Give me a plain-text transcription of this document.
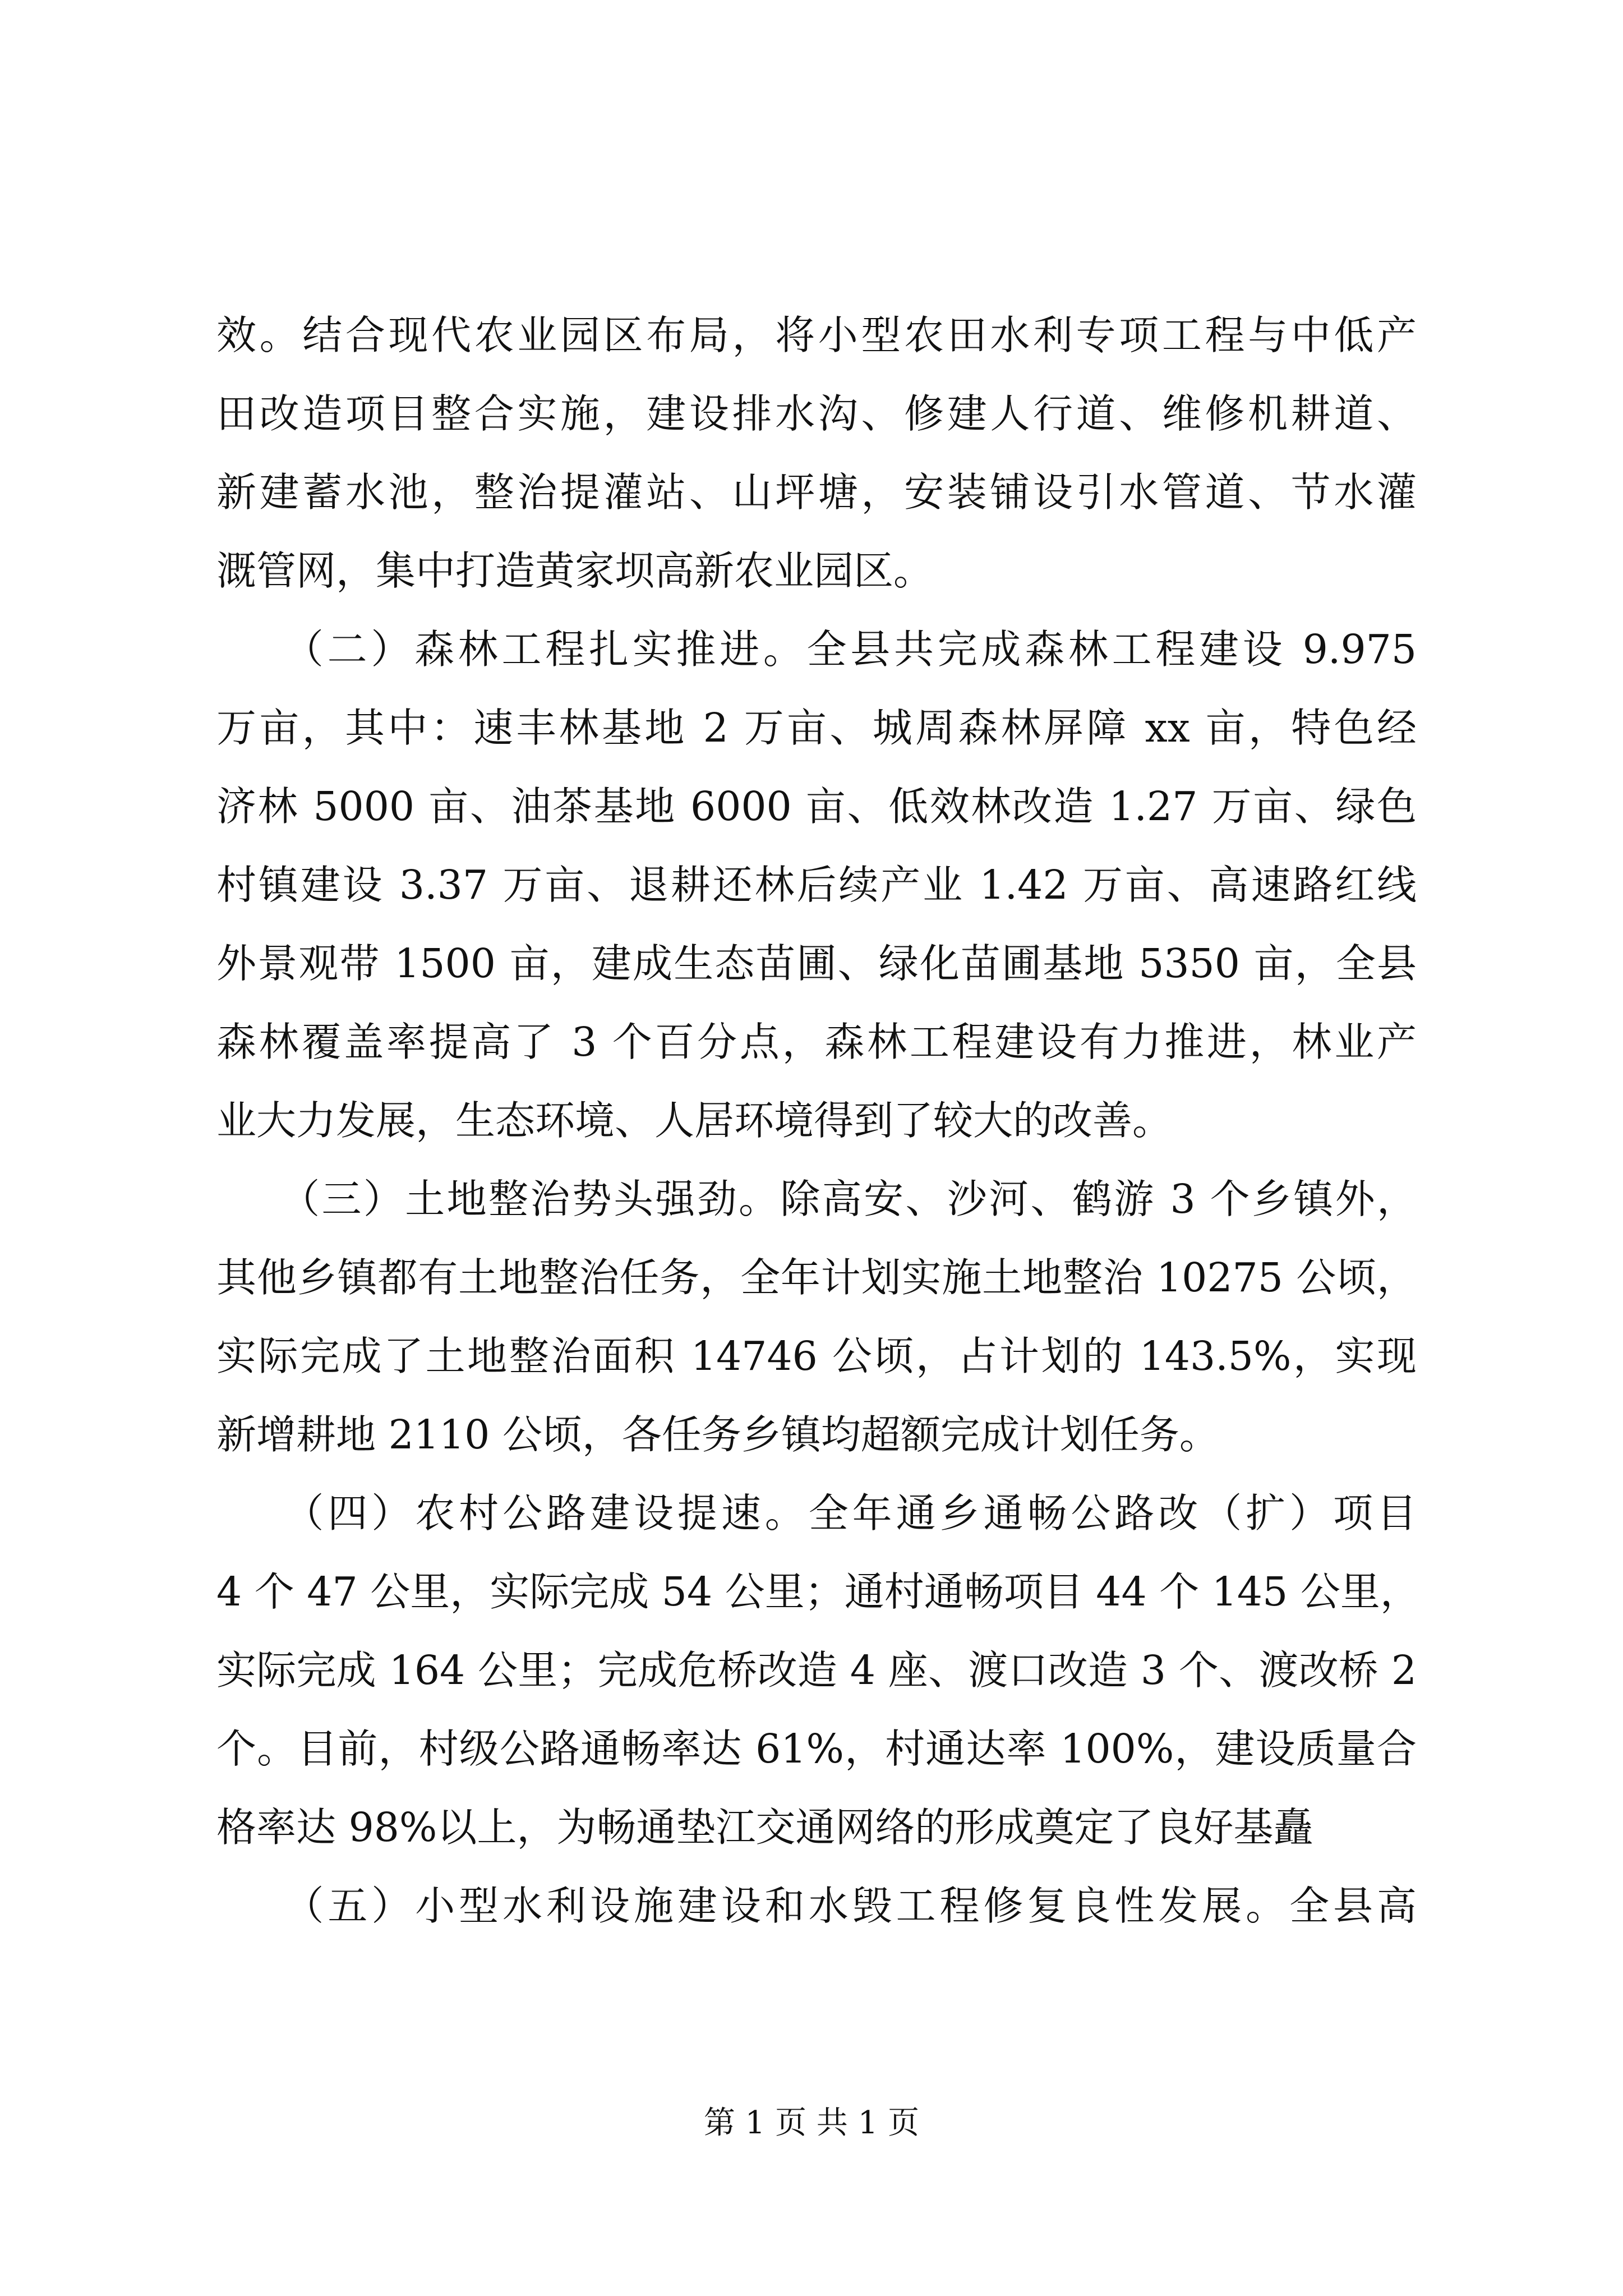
效。结合现代农业园区布局，将小型农田水利专项工程与中低产
田改造项目整合实施，建设排水沟、修建人行道、维修机耕道、
新建蓄水池，整治提灌站、山坪塘，安装铺设引水管道、节水灌
溉管网，集中打造黄家坝高新农业园区。
　　（二）森林工程扎实推进。全县共完成森林工程建设 9.975
万亩，其中：速丰林基地 2 万亩、城周森林屏障 xx 亩，特色经
济林 5000 亩、油茶基地 6000 亩、低效林改造 1.27 万亩、绿色
村镇建设 3.37 万亩、退耕还林后续产业 1.42 万亩、高速路红线
外景观带 1500 亩，建成生态苗圃、绿化苗圃基地 5350 亩，全县
森林覆盖率提高了 3 个百分点，森林工程建设有力推进，林业产
业大力发展，生态环境、人居环境得到了较大的改善。
　　（三）土地整治势头强劲。除高安、沙河、鹤游 3 个乡镇外，
其他乡镇都有土地整治任务，全年计划实施土地整治 10275 公顷，
实际完成了土地整治面积 14746 公顷，占计划的 143.5%，实现
新增耕地 2110 公顷，各任务乡镇均超额完成计划任务。
　　（四）农村公路建设提速。全年通乡通畅公路改（扩）项目
4 个 47 公里，实际完成 54 公里；通村通畅项目 44 个 145 公里，
实际完成 164 公里；完成危桥改造 4 座、渡口改造 3 个、渡改桥 2
个。目前，村级公路通畅率达 61%，村通达率 100%，建设质量合
格率达 98%以上，为畅通垫江交通网络的形成奠定了良好基矗
　　（五）小型水利设施建设和水毁工程修复良性发展。全县高
第 1 页 共 1 页
